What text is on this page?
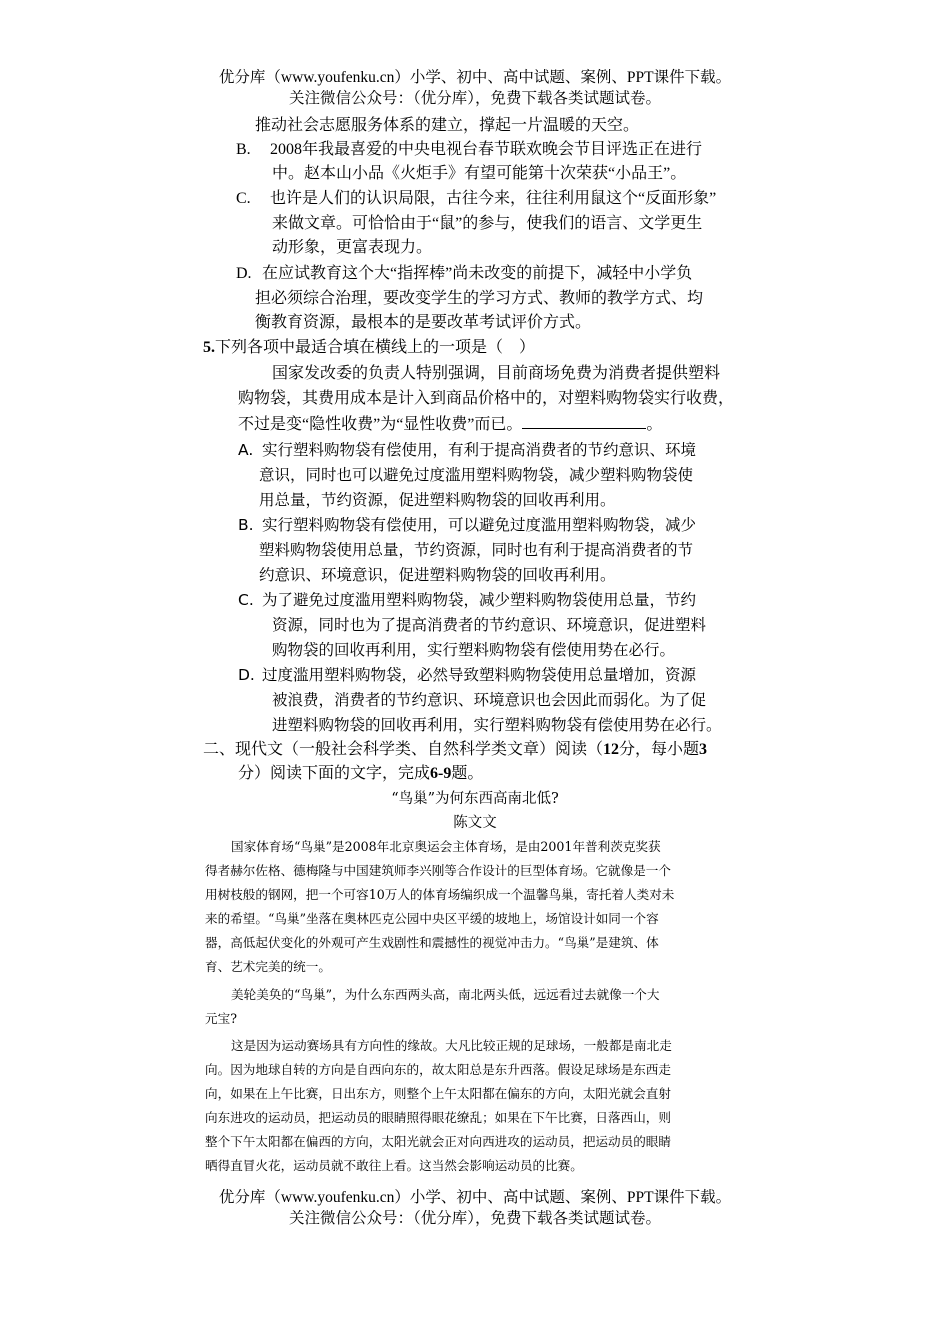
优分库（www.youfenku.cn）小学、初中、高中试题、案例、PPT课件下载。
关注微信公众号：（优分库），免费下载各类试题试卷。
推动社会志愿服务体系的建立，撑起一片温暖的天空。
B. 2008年我最喜爱的中央电视台春节联欢晚会节目评选正在进行
中。赵本山小品《火炬手》有望可能第十次荣获“小品王”。
C. 也许是人们的认识局限，古往今来，往往利用鼠这个“反面形象”
来做文章。可恰恰由于“鼠”的参与，使我们的语言、文学更生
动形象，更富表现力。
D. 在应试教育这个大“指挥棒”尚未改变的前提下，减轻中小学负
担必须综合治理，要改变学生的学习方式、教师的教学方式、均
衡教育资源，最根本的是要改革考试评价方式。
5.下列各项中最适合填在横线上的一项是（　）
国家发改委的负责人特别强调，目前商场免费为消费者提供塑料
购物袋，其费用成本是计入到商品价格中的，对塑料购物袋实行收费，
不过是变“隐性收费”为“显性收费”而已。	。
A. 实行塑料购物袋有偿使用，有利于提高消费者的节约意识、环境
意识，同时也可以避免过度滥用塑料购物袋，减少塑料购物袋使
用总量，节约资源，促进塑料购物袋的回收再利用。
B. 实行塑料购物袋有偿使用，可以避免过度滥用塑料购物袋，减少
塑料购物袋使用总量，节约资源，同时也有利于提高消费者的节
约意识、环境意识，促进塑料购物袋的回收再利用。
C. 为了避免过度滥用塑料购物袋，减少塑料购物袋使用总量，节约
资源，同时也为了提高消费者的节约意识、环境意识，促进塑料
购物袋的回收再利用，实行塑料购物袋有偿使用势在必行。
D. 过度滥用塑料购物袋，必然导致塑料购物袋使用总量增加，资源
被浪费，消费者的节约意识、环境意识也会因此而弱化。为了促
进塑料购物袋的回收再利用，实行塑料购物袋有偿使用势在必行。
二、现代文（一般社会科学类、自然科学类文章）阅读（12分，每小题3
分）阅读下面的文字，完成6-9题。
“鸟巢”为何东西高南北低?
陈文文
国家体育场“鸟巢”是2008年北京奥运会主体育场，是由2001年普利茨克奖获
得者赫尔佐格、德梅隆与中国建筑师李兴刚等合作设计的巨型体育场。它就像是一个
用树枝般的钢网，把一个可容10万人的体育场编织成一个温馨鸟巢，寄托着人类对未
来的希望。“鸟巢”坐落在奥林匹克公园中央区平缓的坡地上，场馆设计如同一个容
器，高低起伏变化的外观可产生戏剧性和震撼性的视觉冲击力。“鸟巢”是建筑、体
育、艺术完美的统一。
美轮美奂的“鸟巢”，为什么东西两头高，南北两头低，远远看过去就像一个大
元宝?
这是因为运动赛场具有方向性的缘故。大凡比较正规的足球场，一般都是南北走
向。因为地球自转的方向是自西向东的，故太阳总是东升西落。假设足球场是东西走
向，如果在上午比赛，日出东方，则整个上午太阳都在偏东的方向，太阳光就会直射
向东进攻的运动员，把运动员的眼睛照得眼花缭乱；如果在下午比赛，日落西山，则
整个下午太阳都在偏西的方向，太阳光就会正对向西进攻的运动员，把运动员的眼睛
晒得直冒火花，运动员就不敢往上看。这当然会影响运动员的比赛。
优分库（www.youfenku.cn）小学、初中、高中试题、案例、PPT课件下载。
关注微信公众号：（优分库），免费下载各类试题试卷。
